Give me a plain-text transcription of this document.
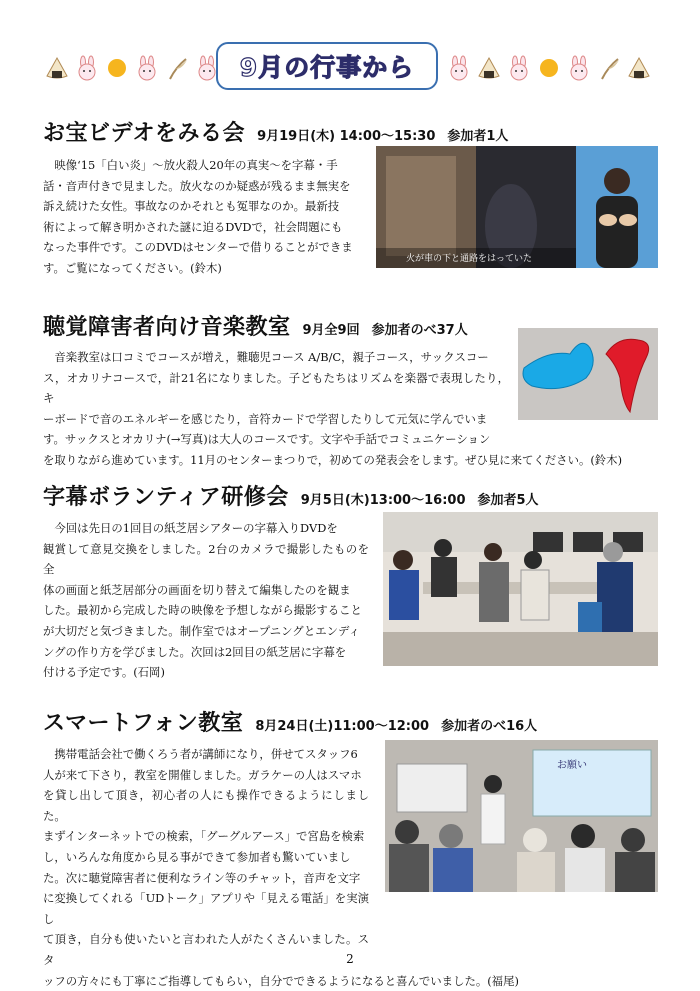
9月の行事から
お宝ビデオをみる会 9月19日(木) 14:00～15:30 参加者1人
　映像‘15「白い炎」～放火殺人20年の真実～を字幕・手
話・音声付きで見ました。放火なのか疑惑が残るまま無実を
訴え続けた女性。事故なのかそれとも冤罪なのか。最新技
術によって解き明かされた謎に迫るDVDで，社会問題にも
なった事件です。このDVDはセンターで借りることができま
す。ご覧になってください。(鈴木)
火が車の下と通路をはっていた
聴覚障害者向け音楽教室 9月全9回 参加者のべ37人
　音楽教室は口コミでコースが増え，難聴児コース A/B/C，親子コース，サックスコー
ス，オカリナコースで，計21名になりました。子どもたちはリズムを楽器で表現したり，キ
ーボードで音のエネルギーを感じたり，音符カードで学習したりして元気に学んでいま
す。サックスとオカリナ(→写真)は大人のコースです。文字や手話でコミュニケーション
を取りながら進めています。11月のセンターまつりで，初めての発表会をします。ぜひ見に来てください。(鈴木)
字幕ボランティア研修会 9月5日(木)13:00～16:00 参加者5人
　今回は先日の1回目の紙芝居シアターの字幕入りDVDを
観賞して意見交換をしました。2台のカメラで撮影したものを全
体の画面と紙芝居部分の画面を切り替えて編集したのを観ま
した。最初から完成した時の映像を予想しながら撮影すること
が大切だと気づきました。制作室ではオープニングとエンディ
ングの作り方を学びました。次回は2回目の紙芝居に字幕を
付ける予定です。(石岡)
スマートフォン教室 8月24日(土)11:00～12:00 参加者のべ16人
　携帯電話会社で働くろう者が講師になり，併せてスタッフ6
人が来て下さり，教室を開催しました。ガラケーの人はスマホ
を貸し出して頂き，初心者の人にも操作できるようにしました。
まずインターネットでの検索，「グーグルアース」で宮島を検索
し，いろんな角度から見る事ができて参加者も驚いていまし
た。次に聴覚障害者に便利なライン等のチャット，音声を文字
に変換してくれる「UDトーク」アプリや「見える電話」を実演し
て頂き，自分も使いたいと言われた人がたくさんいました。スタ
ッフの方々にも丁寧にご指導してもらい，自分でできるようになると喜んでいました。(福尾)
お願い
2
